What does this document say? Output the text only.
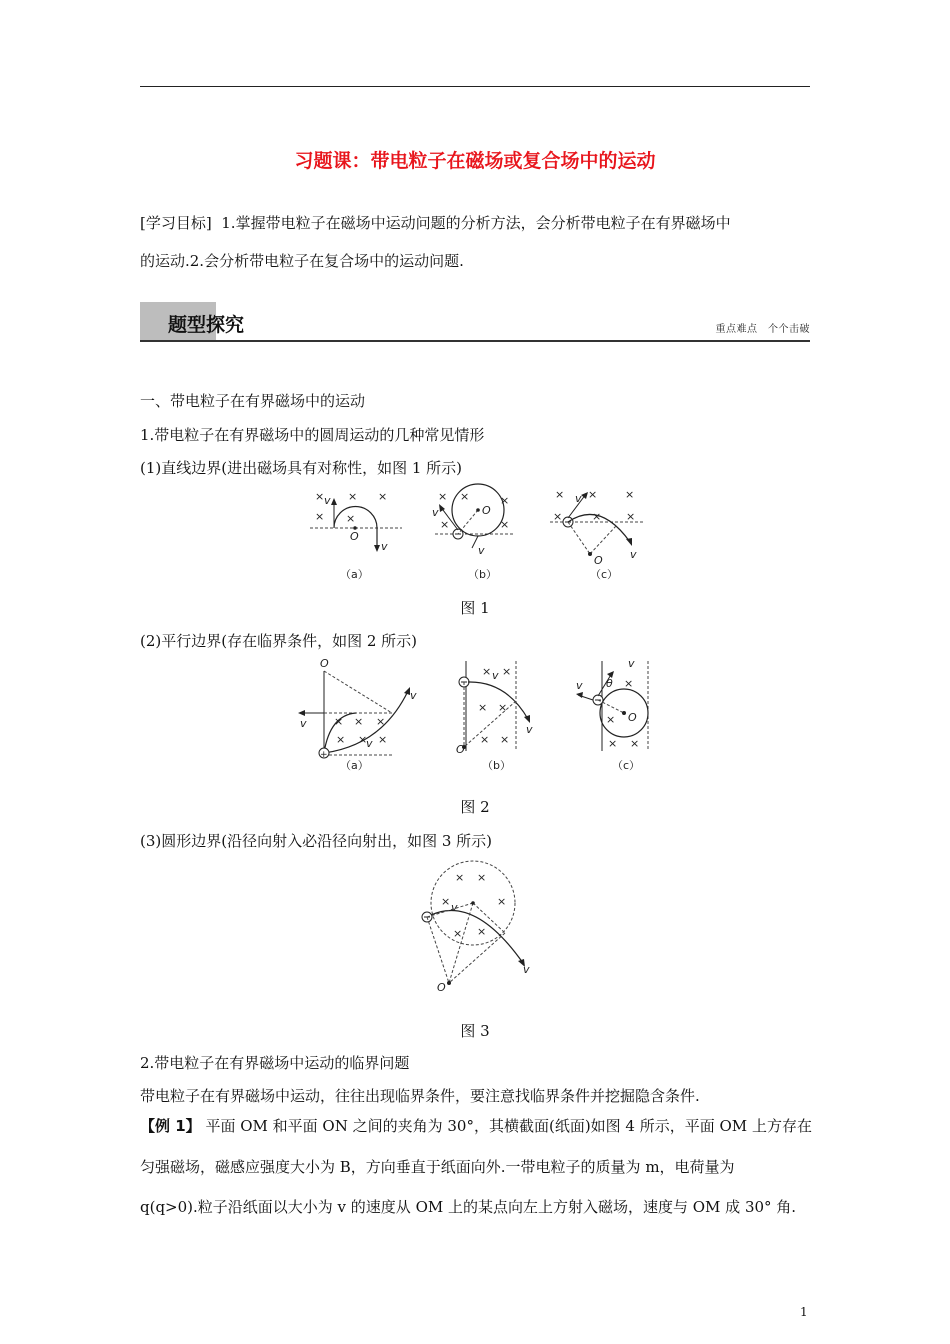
习题课：带电粒子在磁场或复合场中的运动
[学习目标] 1.掌握带电粒子在磁场中运动问题的分析方法，会分析带电粒子在有界磁场中
的运动.2.会分析带电粒子在复合场中的运动问题.
题型探究	重点难点　个个击破
一、带电粒子在有界磁场中的运动
1.带电粒子在有界磁场中的圆周运动的几种常见情形
(1)直线边界(进出磁场具有对称性，如图 1 所示)
× × ×
× ×
v
O
v
（a）
× ×	×
×	×
O
v
v
（b）
× ×	×
×	× ×
v
O v
（c）
图 1
(2)平行边界(存在临界条件，如图 2 所示)
+
O
v
v
v
× × ×
× × ×
（a）
O
× ×
× ×
× ×
v
v
（b）
O
θ
v
v	×
×
× ×
（c）
图 2
(3)圆形边界(沿径向射入必沿径向射出，如图 3 所示)
O
v
v
× ×
×	×
× ×
图 3
2.带电粒子在有界磁场中运动的临界问题
带电粒子在有界磁场中运动，往往出现临界条件，要注意找临界条件并挖掘隐含条件.
【例 1】 平面 OM 和平面 ON 之间的夹角为 30°，其横截面(纸面)如图 4 所示，平面 OM 上方存在
匀强磁场，磁感应强度大小为 B，方向垂直于纸面向外.一带电粒子的质量为 m，电荷量为
q(q>0).粒子沿纸面以大小为 v 的速度从 OM 上的某点向左上方射入磁场，速度与 OM 成 30° 角.
1
